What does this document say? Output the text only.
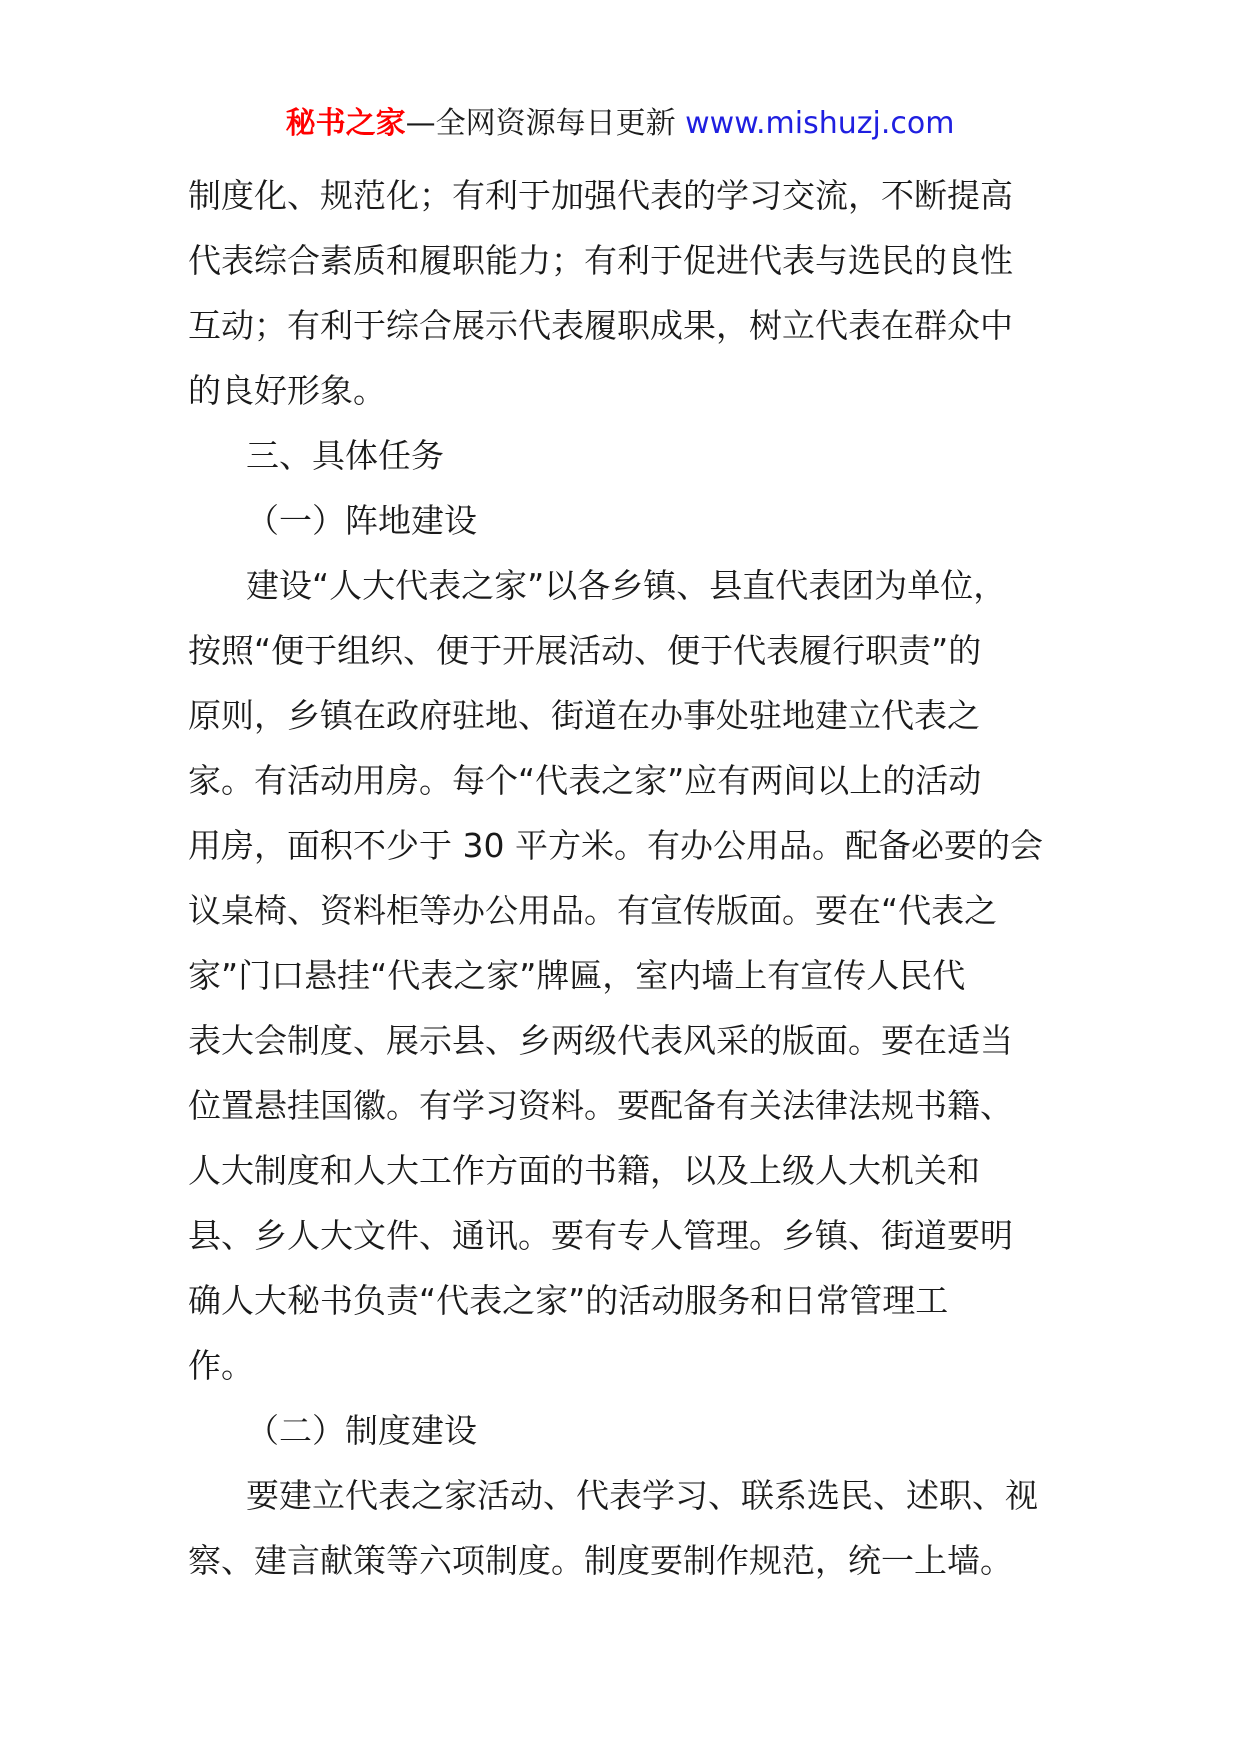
秘书之家—全网资源每日更新 www.mishuzj.com
制度化、规范化；有利于加强代表的学习交流，不断提高
代表综合素质和履职能力；有利于促进代表与选民的良性
互动；有利于综合展示代表履职成果，树立代表在群众中
的良好形象。
三、具体任务
（一）阵地建设
建设“人大代表之家”以各乡镇、县直代表团为单位，
按照“便于组织、便于开展活动、便于代表履行职责”的
原则，乡镇在政府驻地、街道在办事处驻地建立代表之
家。有活动用房。每个“代表之家”应有两间以上的活动
用房，面积不少于 30 平方米。有办公用品。配备必要的会
议桌椅、资料柜等办公用品。有宣传版面。要在“代表之
家”门口悬挂“代表之家”牌匾，室内墙上有宣传人民代
表大会制度、展示县、乡两级代表风采的版面。要在适当
位置悬挂国徽。有学习资料。要配备有关法律法规书籍、
人大制度和人大工作方面的书籍，以及上级人大机关和
县、乡人大文件、通讯。要有专人管理。乡镇、街道要明
确人大秘书负责“代表之家”的活动服务和日常管理工
作。
（二）制度建设
要建立代表之家活动、代表学习、联系选民、述职、视
察、建言献策等六项制度。制度要制作规范，统一上墙。
